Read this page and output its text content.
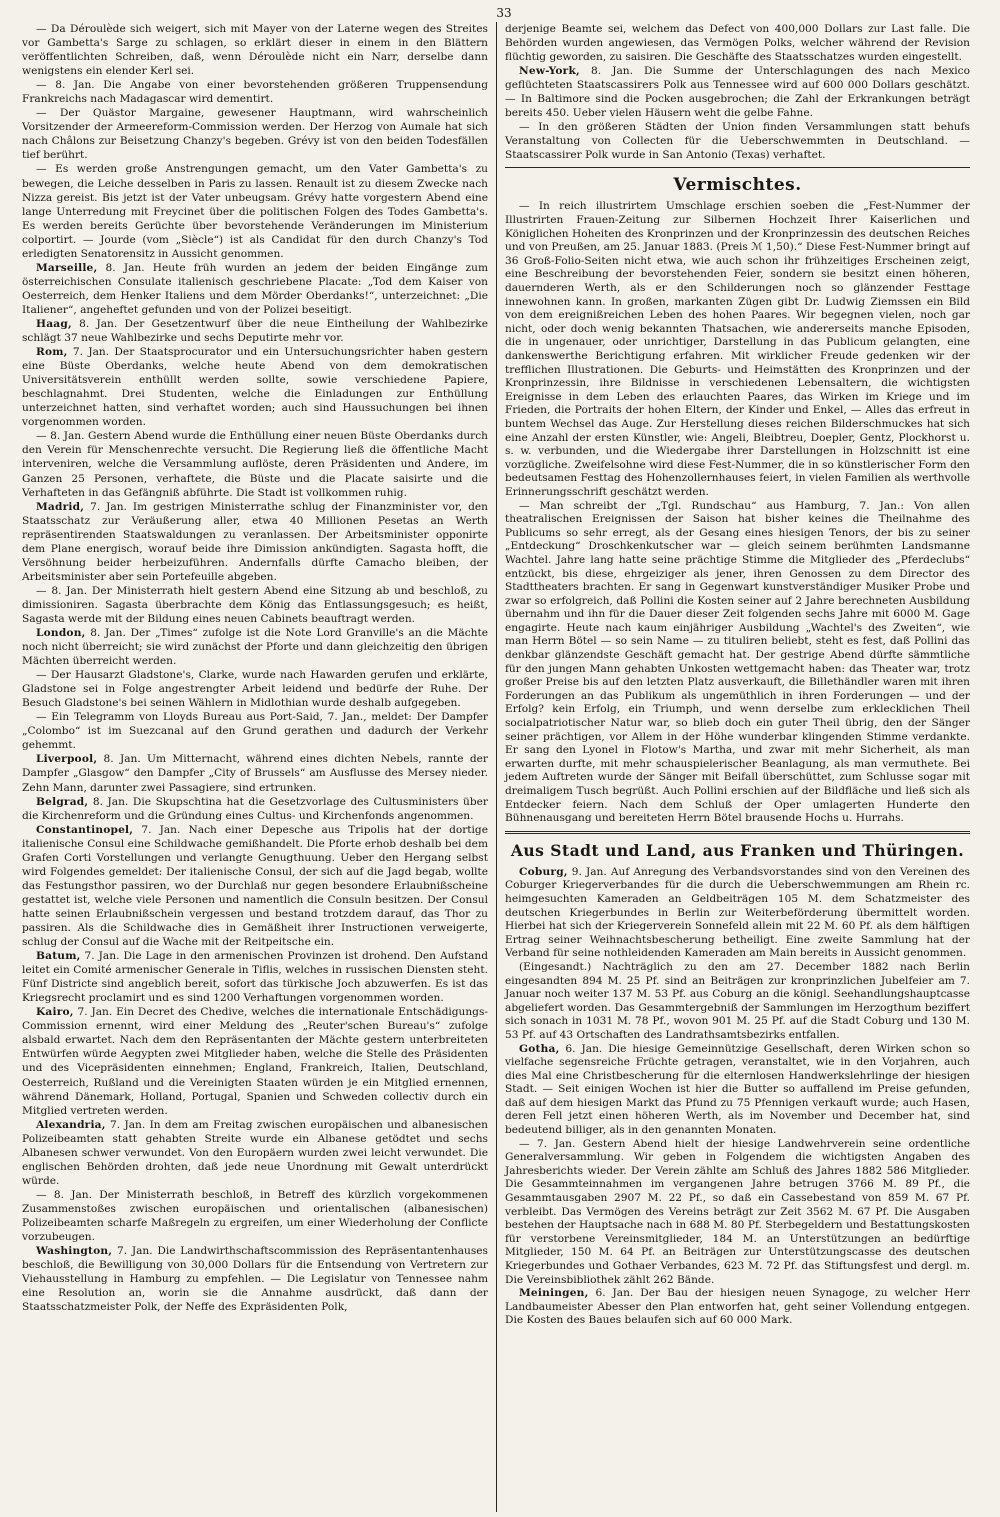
33

— Da Déroulède sich weigert, sich mit Mayer von der Laterne wegen des Streites vor Gambetta's Sarge zu schlagen, so erklärt dieser in einem in den Blättern veröffentlichten Schreiben, daß, wenn Déroulède nicht ein Narr, derselbe dann wenigstens ein elender Kerl sei.

— 8. Jan. Die Angabe von einer bevorstehenden größeren Truppensendung Frankreichs nach Madagascar wird dementirt.

— Der Quästor Margaine, gewesener Hauptmann, wird wahrscheinlich Vorsitzender der Armeereform-Commission werden. Der Herzog von Aumale hat sich nach Châlons zur Beisetzung Chanzy's begeben. Grévy ist von den beiden Todesfällen tief berührt.

— Es werden große Anstrengungen gemacht, um den Vater Gambetta's zu bewegen, die Leiche desselben in Paris zu lassen. Renault ist zu diesem Zwecke nach Nizza gereist. Bis jetzt ist der Vater unbeugsam. Grévy hatte vorgestern Abend eine lange Unterredung mit Freycinet über die politischen Folgen des Todes Gambetta's. Es werden bereits Gerüchte über bevorstehende Veränderungen im Ministerium colportirt. — Jourde (vom „Siècle“) ist als Candidat für den durch Chanzy's Tod erledigten Senatorensitz in Aussicht genommen.

Marseille, 8. Jan. Heute früh wurden an jedem der beiden Eingänge zum österreichischen Consulate italienisch geschriebene Placate: „Tod dem Kaiser von Oesterreich, dem Henker Italiens und dem Mörder Oberdanks!“, unterzeichnet: „Die Italiener“, angeheftet gefunden und von der Polizei beseitigt.

Haag, 8. Jan. Der Gesetzentwurf über die neue Eintheilung der Wahlbezirke schlägt 37 neue Wahlbezirke und sechs Deputirte mehr vor.

Rom, 7. Jan. Der Staatsprocurator und ein Untersuchungsrichter haben gestern eine Büste Oberdanks, welche heute Abend von dem demokratischen Universitätsverein enthüllt werden sollte, sowie verschiedene Papiere, beschlagnahmt. Drei Studenten, welche die Einladungen zur Enthüllung unterzeichnet hatten, sind verhaftet worden; auch sind Haussuchungen bei ihnen vorgenommen worden.

— 8. Jan. Gestern Abend wurde die Enthüllung einer neuen Büste Oberdanks durch den Verein für Menschenrechte versucht. Die Regierung ließ die öffentliche Macht interveniren, welche die Versammlung auflöste, deren Präsidenten und Andere, im Ganzen 25 Personen, verhaftete, die Büste und die Placate saisirte und die Verhafteten in das Gefängniß abführte. Die Stadt ist vollkommen ruhig.

Madrid, 7. Jan. Im gestrigen Ministerrathe schlug der Finanzminister vor, den Staatsschatz zur Veräußerung aller, etwa 40 Millionen Pesetas an Werth repräsentirenden Staatswaldungen zu veranlassen. Der Arbeitsminister opponirte dem Plane energisch, worauf beide ihre Dimission ankündigten. Sagasta hofft, die Versöhnung beider herbeizuführen. Andernfalls dürfte Camacho bleiben, der Arbeitsminister aber sein Portefeuille abgeben.

— 8. Jan. Der Ministerrath hielt gestern Abend eine Sitzung ab und beschloß, zu dimissioniren. Sagasta überbrachte dem König das Entlassungsgesuch; es heißt, Sagasta werde mit der Bildung eines neuen Cabinets beauftragt werden.

London, 8. Jan. Der „Times“ zufolge ist die Note Lord Granville's an die Mächte noch nicht überreicht; sie wird zunächst der Pforte und dann gleichzeitig den übrigen Mächten überreicht werden.

— Der Hausarzt Gladstone's, Clarke, wurde nach Hawarden gerufen und erklärte, Gladstone sei in Folge angestrengter Arbeit leidend und bedürfe der Ruhe. Der Besuch Gladstone's bei seinen Wählern in Midlothian wurde deshalb aufgegeben.

— Ein Telegramm von Lloyds Bureau aus Port-Said, 7. Jan., meldet: Der Dampfer „Colombo“ ist im Suezcanal auf den Grund gerathen und dadurch der Verkehr gehemmt.

Liverpool, 8. Jan. Um Mitternacht, während eines dichten Nebels, rannte der Dampfer „Glasgow“ den Dampfer „City of Brussels“ am Ausflusse des Mersey nieder. Zehn Mann, darunter zwei Passagiere, sind ertrunken.

Belgrad, 8. Jan. Die Skupschtina hat die Gesetzvorlage des Cultusministers über die Kirchenreform und die Gründung eines Cultus- und Kirchenfonds angenommen.

Constantinopel, 7. Jan. Nach einer Depesche aus Tripolis hat der dortige italienische Consul eine Schildwache gemißhandelt. Die Pforte erhob deshalb bei dem Grafen Corti Vorstellungen und verlangte Genugthuung. Ueber den Hergang selbst wird Folgendes gemeldet: Der italienische Consul, der sich auf die Jagd begab, wollte das Festungsthor passiren, wo der Durchlaß nur gegen besondere Erlaubnißscheine gestattet ist, welche viele Personen und namentlich die Consuln besitzen. Der Consul hatte seinen Erlaubnißschein vergessen und bestand trotzdem darauf, das Thor zu passiren. Als die Schildwache dies in Gemäßheit ihrer Instructionen verweigerte, schlug der Consul auf die Wache mit der Reitpeitsche ein.

Batum, 7. Jan. Die Lage in den armenischen Provinzen ist drohend. Den Aufstand leitet ein Comité armenischer Generale in Tiflis, welches in russischen Diensten steht. Fünf Districte sind angeblich bereit, sofort das türkische Joch abzuwerfen. Es ist das Kriegsrecht proclamirt und es sind 1200 Verhaftungen vorgenommen worden.

Kairo, 7. Jan. Ein Decret des Chedive, welches die internationale Entschädigungs-Commission ernennt, wird einer Meldung des „Reuter'schen Bureau's“ zufolge alsbald erwartet. Nach dem den Repräsentanten der Mächte gestern unterbreiteten Entwürfen würde Aegypten zwei Mitglieder haben, welche die Stelle des Präsidenten und des Vicepräsidenten einnehmen; England, Frankreich, Italien, Deutschland, Oesterreich, Rußland und die Vereinigten Staaten würden je ein Mitglied ernennen, während Dänemark, Holland, Portugal, Spanien und Schweden collectiv durch ein Mitglied vertreten werden.

Alexandria, 7. Jan. In dem am Freitag zwischen europäischen und albanesischen Polizeibeamten statt gehabten Streite wurde ein Albanese getödtet und sechs Albanesen schwer verwundet. Von den Europäern wurden zwei leicht verwundet. Die englischen Behörden drohten, daß jede neue Unordnung mit Gewalt unterdrückt würde.

— 8. Jan. Der Ministerrath beschloß, in Betreff des kürzlich vorgekommenen Zusammenstoßes zwischen europäischen und orientalischen (albanesischen) Polizeibeamten scharfe Maßregeln zu ergreifen, um einer Wiederholung der Conflicte vorzubeugen.

Washington, 7. Jan. Die Landwirthschaftscommission des Repräsentantenhauses beschloß, die Bewilligung von 30,000 Dollars für die Entsendung von Vertretern zur Viehausstellung in Hamburg zu empfehlen. — Die Legislatur von Tennessee nahm eine Resolution an, worin sie die Annahme ausdrückt, daß dann der Staatsschatzmeister Polk, der Neffe des Expräsidenten Polk,

derjenige Beamte sei, welchem das Defect von 400,000 Dollars zur Last falle. Die Behörden wurden angewiesen, das Vermögen Polks, welcher während der Revision flüchtig geworden, zu saisiren. Die Geschäfte des Staatsschatzes wurden eingestellt.

New-York, 8. Jan. Die Summe der Unterschlagungen des nach Mexico geflüchteten Staatscassirers Polk aus Tennessee wird auf 600 000 Dollars geschätzt. — In Baltimore sind die Pocken ausgebrochen; die Zahl der Erkrankungen beträgt bereits 450. Ueber vielen Häusern weht die gelbe Fahne.

— In den größeren Städten der Union finden Versammlungen statt behufs Veranstaltung von Collecten für die Ueberschwemmten in Deutschland. — Staatscassirer Polk wurde in San Antonio (Texas) verhaftet.

Vermischtes.

— In reich illustrirtem Umschlage erschien soeben die „Fest-Nummer der Illustrirten Frauen-Zeitung zur Silbernen Hochzeit Ihrer Kaiserlichen und Königlichen Hoheiten des Kronprinzen und der Kronprinzessin des deutschen Reiches und von Preußen, am 25. Januar 1883. (Preis ℳ 1,50).“ Diese Fest-Nummer bringt auf 36 Groß-Folio-Seiten nicht etwa, wie auch schon ihr frühzeitiges Erscheinen zeigt, eine Beschreibung der bevorstehenden Feier, sondern sie besitzt einen höheren, dauernderen Werth, als er den Schilderungen noch so glänzender Festtage innewohnen kann. In großen, markanten Zügen gibt Dr. Ludwig Ziemssen ein Bild von dem ereignißreichen Leben des hohen Paares. Wir begegnen vielen, noch gar nicht, oder doch wenig bekannten Thatsachen, wie andererseits manche Episoden, die in ungenauer, oder unrichtiger, Darstellung in das Publicum gelangten, eine dankenswerthe Berichtigung erfahren. Mit wirklicher Freude gedenken wir der trefflichen Illustrationen. Die Geburts- und Heimstätten des Kronprinzen und der Kronprinzessin, ihre Bildnisse in verschiedenen Lebensaltern, die wichtigsten Ereignisse in dem Leben des erlauchten Paares, das Wirken im Kriege und im Frieden, die Portraits der hohen Eltern, der Kinder und Enkel, — Alles das erfreut in buntem Wechsel das Auge. Zur Herstellung dieses reichen Bilderschmuckes hat sich eine Anzahl der ersten Künstler, wie: Angeli, Bleibtreu, Doepler, Gentz, Plockhorst u. s. w. verbunden, und die Wiedergabe ihrer Darstellungen in Holzschnitt ist eine vorzügliche. Zweifelsohne wird diese Fest-Nummer, die in so künstlerischer Form den bedeutsamen Festtag des Hohenzollernhauses feiert, in vielen Familien als werthvolle Erinnerungsschrift geschätzt werden.

— Man schreibt der „Tgl. Rundschau“ aus Hamburg, 7. Jan.: Von allen theatralischen Ereignissen der Saison hat bisher keines die Theilnahme des Publicums so sehr erregt, als der Gesang eines hiesigen Tenors, der bis zu seiner „Entdeckung“ Droschkenkutscher war — gleich seinem berühmten Landsmanne Wachtel. Jahre lang hatte seine prächtige Stimme die Mitglieder des „Pferdeclubs“ entzückt, bis diese, ehrgeiziger als jener, ihren Genossen zu dem Director des Stadttheaters brachten. Er sang in Gegenwart kunstverständiger Musiker Probe und zwar so erfolgreich, daß Pollini die Kosten seiner auf 2 Jahre berechneten Ausbildung übernahm und ihn für die Dauer dieser Zeit folgenden sechs Jahre mit 6000 M. Gage engagirte. Heute nach kaum einjähriger Ausbildung „Wachtel's des Zweiten“, wie man Herrn Bötel — so sein Name — zu tituliren beliebt, steht es fest, daß Pollini das denkbar glänzendste Geschäft gemacht hat. Der gestrige Abend dürfte sämmtliche für den jungen Mann gehabten Unkosten wettgemacht haben: das Theater war, trotz großer Preise bis auf den letzten Platz ausverkauft, die Billethändler waren mit ihren Forderungen an das Publikum als ungemüthlich in ihren Forderungen — und der Erfolg? kein Erfolg, ein Triumph, und wenn derselbe zum erklecklichen Theil socialpatriotischer Natur war, so blieb doch ein guter Theil übrig, den der Sänger seiner prächtigen, vor Allem in der Höhe wunderbar klingenden Stimme verdankte. Er sang den Lyonel in Flotow's Martha, und zwar mit mehr Sicherheit, als man erwarten durfte, mit mehr schauspielerischer Beanlagung, als man vermuthete. Bei jedem Auftreten wurde der Sänger mit Beifall überschüttet, zum Schlusse sogar mit dreimaligem Tusch begrüßt. Auch Pollini erschien auf der Bildfläche und ließ sich als Entdecker feiern. Nach dem Schluß der Oper umlagerten Hunderte den Bühnenausgang und bereiteten Herrn Bötel brausende Hochs u. Hurrahs.

Aus Stadt und Land, aus Franken und Thüringen.

Coburg, 9. Jan. Auf Anregung des Verbandsvorstandes sind von den Vereinen des Coburger Kriegerverbandes für die durch die Ueberschwemmungen am Rhein rc. heimgesuchten Kameraden an Geldbeiträgen 105 M. dem Schatzmeister des deutschen Kriegerbundes in Berlin zur Weiterbeförderung übermittelt worden. Hierbei hat sich der Kriegerverein Sonnefeld allein mit 22 M. 60 Pf. als dem hälftigen Ertrag seiner Weihnachtsbescherung betheiligt. Eine zweite Sammlung hat der Verband für seine nothleidenden Kameraden am Main bereits in Aussicht genommen.

(Eingesandt.) Nachträglich zu den am 27. December 1882 nach Berlin eingesandten 894 M. 25 Pf. sind an Beiträgen zur kronprinzlichen Jubelfeier am 7. Januar noch weiter 137 M. 53 Pf. aus Coburg an die königl. Seehandlungshauptcasse abgeliefert worden. Das Gesammtergebniß der Sammlungen im Herzogthum beziffert sich sonach in 1031 M. 78 Pf., wovon 901 M. 25 Pf. auf die Stadt Coburg und 130 M. 53 Pf. auf 43 Ortschaften des Landrathsamtsbezirks entfallen.

Gotha, 6. Jan. Die hiesige Gemeinnützige Gesellschaft, deren Wirken schon so vielfache segensreiche Früchte getragen, veranstaltet, wie in den Vorjahren, auch dies Mal eine Christbescherung für die elternlosen Handwerkslehrlinge der hiesigen Stadt. — Seit einigen Wochen ist hier die Butter so auffallend im Preise gefunden, daß auf dem hiesigen Markt das Pfund zu 75 Pfennigen verkauft wurde; auch Hasen, deren Fell jetzt einen höheren Werth, als im November und December hat, sind bedeutend billiger, als in den genannten Monaten.

— 7. Jan. Gestern Abend hielt der hiesige Landwehrverein seine ordentliche Generalversammlung. Wir geben in Folgendem die wichtigsten Angaben des Jahresberichts wieder. Der Verein zählte am Schluß des Jahres 1882 586 Mitglieder. Die Gesammteinnahmen im vergangenen Jahre betrugen 3766 M. 89 Pf., die Gesammtausgaben 2907 M. 22 Pf., so daß ein Cassebestand von 859 M. 67 Pf. verbleibt. Das Vermögen des Vereins beträgt zur Zeit 3562 M. 67 Pf. Die Ausgaben bestehen der Hauptsache nach in 688 M. 80 Pf. Sterbegeldern und Bestattungskosten für verstorbene Vereinsmitglieder, 184 M. an Unterstützungen an bedürftige Mitglieder, 150 M. 64 Pf. an Beiträgen zur Unterstützungscasse des deutschen Kriegerbundes und Gothaer Verbandes, 623 M. 72 Pf. das Stiftungsfest und dergl. m. Die Vereinsbibliothek zählt 262 Bände.

Meiningen, 6. Jan. Der Bau der hiesigen neuen Synagoge, zu welcher Herr Landbaumeister Abesser den Plan entworfen hat, geht seiner Vollendung entgegen. Die Kosten des Baues belaufen sich auf 60 000 Mark.
